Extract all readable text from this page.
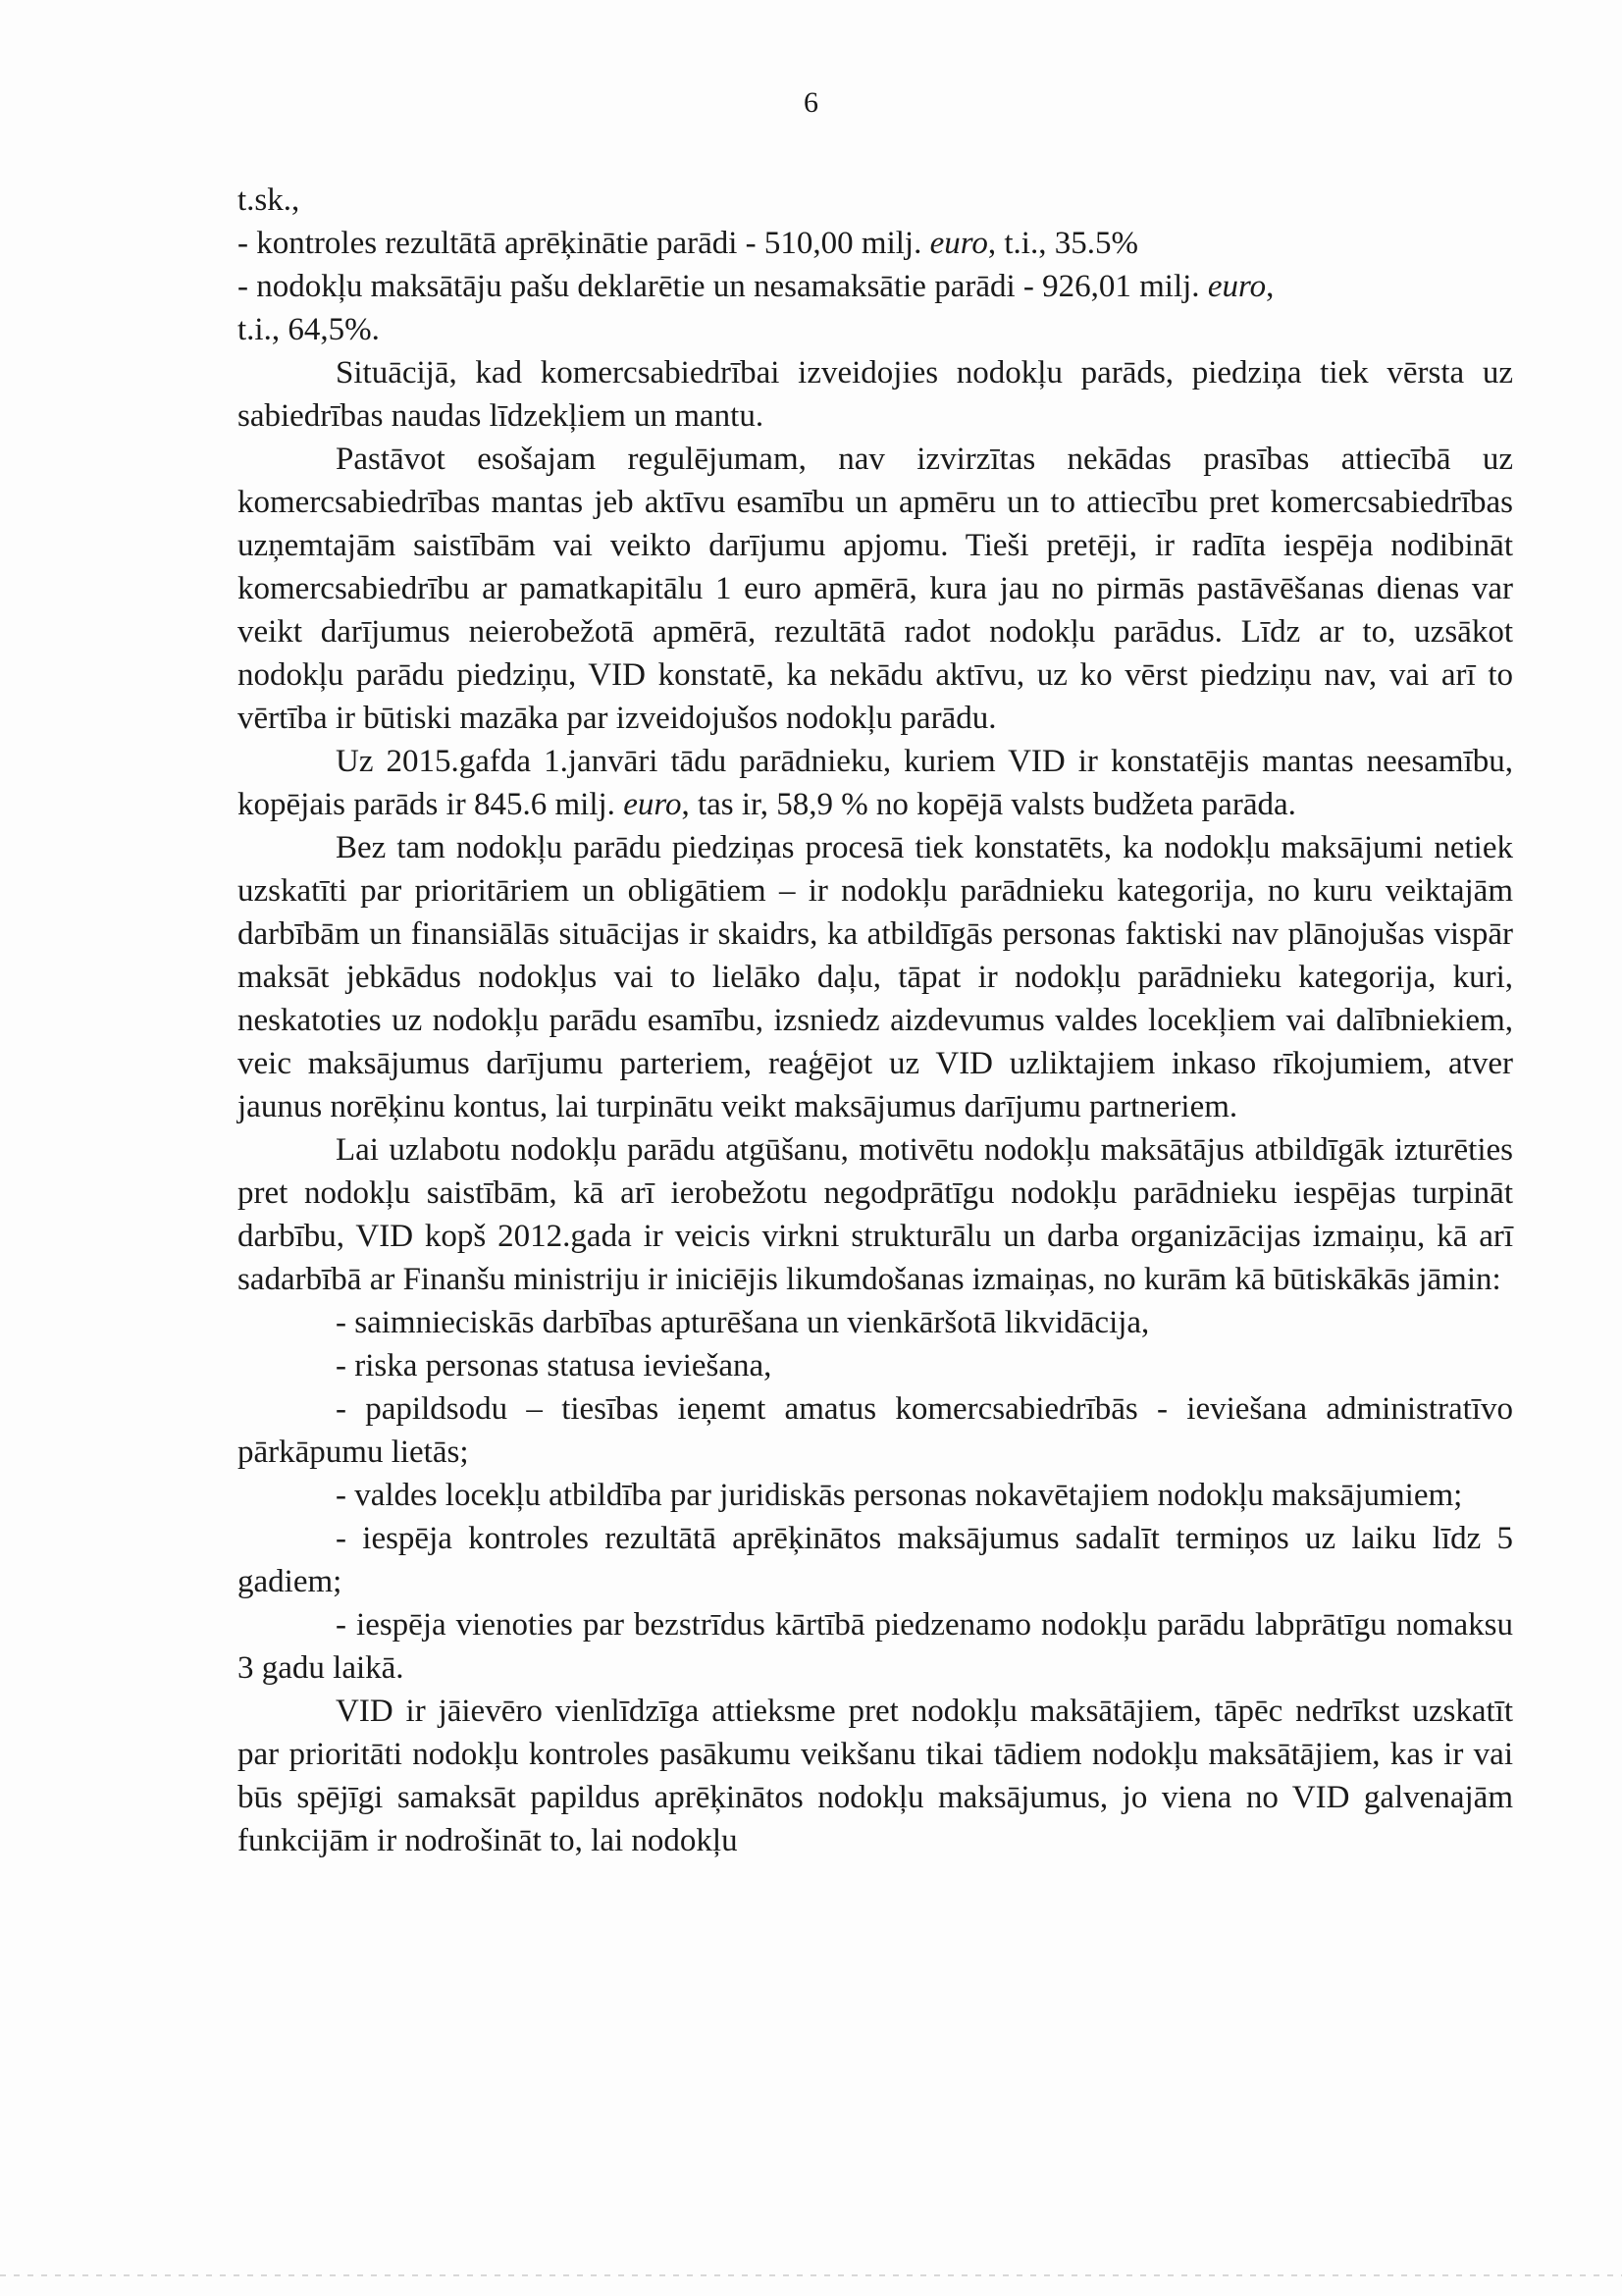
6

t.sk.,

- kontroles rezultātā aprēķinātie parādi - 510,00 milj. euro, t.i., 35.5%

- nodokļu maksātāju pašu deklarētie un nesamaksātie parādi - 926,01 milj. euro,

t.i., 64,5%.

Situācijā, kad komercsabiedrībai izveidojies nodokļu parāds, piedziņa tiek vērsta uz sabiedrības naudas līdzekļiem un mantu.

Pastāvot esošajam regulējumam, nav izvirzītas nekādas prasības attiecībā uz komercsabiedrības mantas jeb aktīvu esamību un apmēru un to attiecību pret komercsabiedrības uzņemtajām saistībām vai veikto darījumu apjomu. Tieši pretēji, ir radīta iespēja nodibināt komercsabiedrību ar pamatkapitālu 1 euro apmērā, kura jau no pirmās pastāvēšanas dienas var veikt darījumus neierobežotā apmērā, rezultātā radot nodokļu parādus. Līdz ar to, uzsākot nodokļu parādu piedziņu, VID konstatē, ka nekādu aktīvu, uz ko vērst piedziņu nav, vai arī to vērtība ir būtiski mazāka par izveidojušos nodokļu parādu.

Uz 2015.gafda 1.janvāri tādu parādnieku, kuriem VID ir konstatējis mantas neesamību, kopējais parāds ir 845.6 milj. euro, tas ir, 58,9 % no kopējā valsts budžeta parāda.

Bez tam nodokļu parādu piedziņas procesā tiek konstatēts, ka nodokļu maksājumi netiek uzskatīti par prioritāriem un obligātiem – ir nodokļu parādnieku kategorija, no kuru veiktajām darbībām un finansiālās situācijas ir skaidrs, ka atbildīgās personas faktiski nav plānojušas vispār maksāt jebkādus nodokļus vai to lielāko daļu, tāpat ir nodokļu parādnieku kategorija, kuri, neskatoties uz nodokļu parādu esamību, izsniedz aizdevumus valdes locekļiem vai dalībniekiem, veic maksājumus darījumu parteriem, reaģējot uz VID uzliktajiem inkaso rīkojumiem, atver jaunus norēķinu kontus, lai turpinātu veikt maksājumus darījumu partneriem.

Lai uzlabotu nodokļu parādu atgūšanu, motivētu nodokļu maksātājus atbildīgāk izturēties pret nodokļu saistībām, kā arī ierobežotu negodprātīgu nodokļu parādnieku iespējas turpināt darbību, VID kopš 2012.gada ir veicis virkni strukturālu un darba organizācijas izmaiņu, kā arī sadarbībā ar Finanšu ministriju ir iniciējis likumdošanas izmaiņas, no kurām kā būtiskākās jāmin:

- saimnieciskās darbības apturēšana un vienkāršotā likvidācija,

- riska personas statusa ieviešana,

- papildsodu – tiesības ieņemt amatus komercsabiedrībās - ieviešana administratīvo pārkāpumu lietās;

- valdes locekļu atbildība par juridiskās personas nokavētajiem nodokļu maksājumiem;

- iespēja kontroles rezultātā aprēķinātos maksājumus sadalīt termiņos uz laiku līdz 5 gadiem;

- iespēja vienoties par bezstrīdus kārtībā piedzenamo nodokļu parādu labprātīgu nomaksu 3 gadu laikā.

VID ir jāievēro vienlīdzīga attieksme pret nodokļu maksātājiem, tāpēc nedrīkst uzskatīt par prioritāti nodokļu kontroles pasākumu veikšanu tikai tādiem nodokļu maksātājiem, kas ir vai būs spējīgi samaksāt papildus aprēķinātos nodokļu maksājumus, jo viena no VID galvenajām funkcijām ir nodrošināt to, lai nodokļu
